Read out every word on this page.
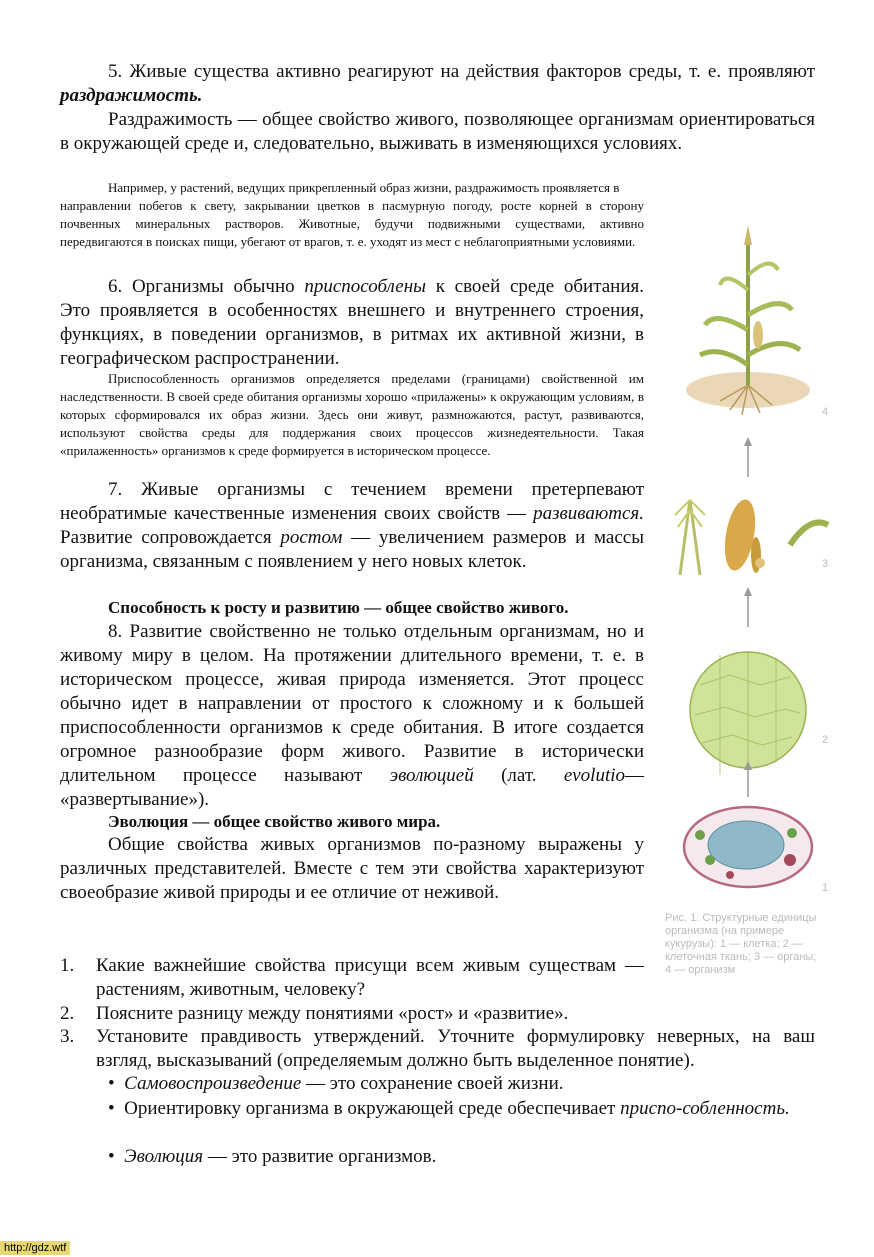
5. Живые существа активно реагируют на действия факторов среды, т. е. проявляют раздражимость.

Раздражимость — общее свойство живого, позволяющее организмам ориентироваться в окружающей среде и, следовательно, выживать в изменяющихся условиях.

Например, у растений, ведущих прикрепленный образ жизни, раздражимость проявляется в

направлении побегов к свету, закрывании цветков в пасмурную погоду, росте корней в сторону почвенных минеральных растворов. Животные, будучи подвижными существами, активно передвигаются в поисках пищи, убегают от врагов, т. е. уходят из мест с неблагоприятными условиями.

6. Организмы обычно приспособлены к своей среде обитания. Это проявляется в особенностях внешнего и внутреннего строения, функциях, в поведении организмов, в ритмах их активной жизни, в географическом распространении.

Приспособленность организмов определяется пределами (границами) свойственной им наследственности. В своей среде обитания организмы хорошо «прилажены» к окружающим условиям, в которых сформировался их образ жизни. Здесь они живут, размножаются, растут, развиваются, используют свойства среды для поддержания своих процессов жизнедеятельности. Такая «прилаженность» организмов к среде формируется в историческом процессе.

7. Живые организмы с течением времени претерпевают необратимые качественные изменения своих свойств — развиваются. Развитие сопровождается ростом — увеличением размеров и массы организма, связанным с появлением у него новых клеток.

Способность к росту и развитию — общее свойство живого.

8. Развитие свойственно не только отдельным организмам, но и живому миру в целом. На протяжении длительного времени, т. е. в историческом процессе, живая природа изменяется. Этот процесс обычно идет в направлении от простого к сложному и к большей приспособленности организмов к среде обитания. В итоге создается огромное разнообразие форм живого. Развитие в исторически длительном процессе называют эволюцией (лат. evolutio— «развертывание»).

Эволюция — общее свойство живого мира.

Общие свойства живых организмов по-разному выражены у различных представителей. Вместе с тем эти свойства характеризуют своеобразие живой природы и ее отличие от неживой.

1. Какие важнейшие свойства присущи всем живым существам — растениям, животным, человеку?
2. Поясните разницу между понятиями «рост» и «развитие».
3. Установите правдивость утверждений. Уточните формулировку неверных, на ваш взгляд, высказываний (определяемым должно быть выделенное понятие).

•  Самовоспроизведение — это сохранение своей жизни.

•  Ориентировку организма в окружающей среде обеспечивает приспо-собленность.

•  Эволюция — это развитие организмов.

4
3
2
1

Рис. 1. Структурные единицы организма (на примере кукурузы): 1 — клетка; 2 — клеточная ткань; 3 — органы; 4 — организм

http://gdz.wtf
